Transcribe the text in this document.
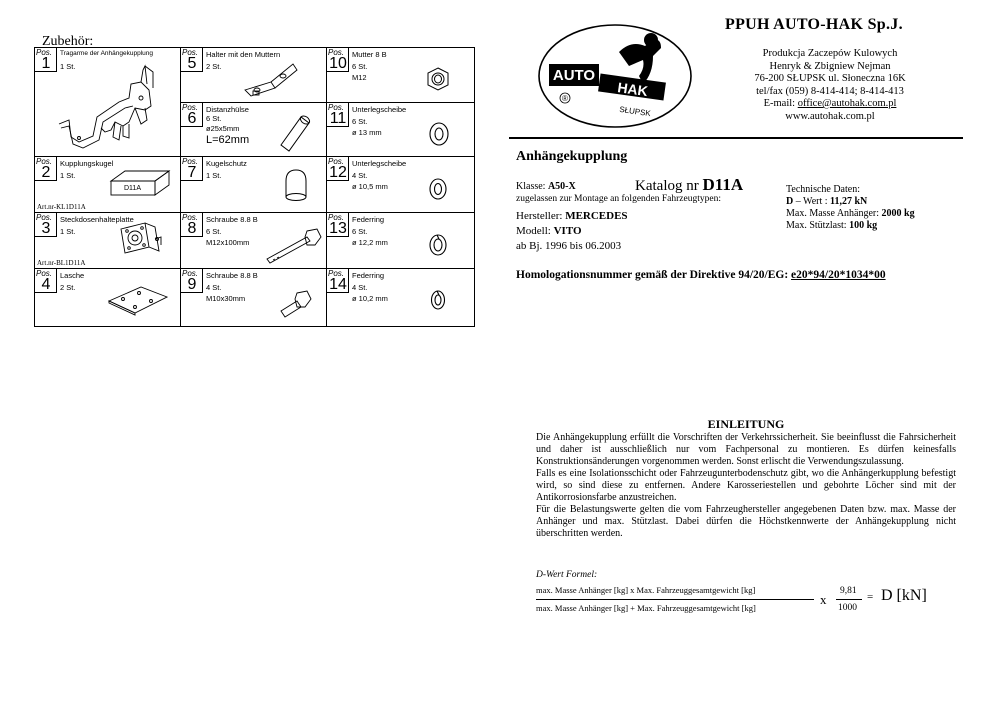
Zubehör:
Pos.
1
Tragarme der Anhängekupplung
1 St.
Pos.
5
Halter mit den Muttern
2 St.
Pos.
10
Mutter 8 B
6 St.
M12
Pos.
6
Distanzhülse
6 St.
ø25x5mm
L=62mm
Pos.
11
Unterlegscheibe
6 St.
ø 13 mm
Pos.
2
Kupplungskugel
1 St.
Art.nr-KL1D11A
D11A
Pos.
7
Kugelschutz
1 St.
Pos.
12
Unterlegscheibe
4 St.
ø 10,5 mm
Pos.
3
Steckdosenhalteplatte
1 St.
Art.nr-BL1D11A
Pos.
8
Schraube 8.8 B
6 St.
M12x100mm
Pos.
13
Federring
6 St.
ø 12,2 mm
Pos.
4
Lasche
2 St.
Pos.
9
Schraube 8.8 B
4 St.
M10x30mm
Pos.
14
Federring
4 St.
ø 10,2 mm
AUTO
HAK
SŁUPSK
®
PPUH AUTO-HAK Sp.J.
Produkcja Zaczepów Kulowych
Henryk & Zbigniew Nejman
76-200 SŁUPSK ul. Słoneczna 16K
tel/fax (059) 8-414-414; 8-414-413
E-mail: office@autohak.com.pl
www.autohak.com.pl
Anhängekupplung
Klasse: A50-X	Katalog nr D11A
zugelassen zur Montage an folgenden Fahrzeugtypen:
Hersteller: MERCEDES
Modell: VITO
ab Bj. 1996 bis 06.2003
Technische Daten:
D – Wert : 11,27 kN
Max. Masse Anhänger: 2000 kg
Max. Stützlast: 100 kg
Homologationsnummer gemäß der Direktive 94/20/EG: e20*94/20*1034*00
EINLEITUNG

Die Anhängekupplung erfüllt die Vorschriften der Verkehrssicherheit. Sie beeinflusst die Fahrsicherheit und daher ist ausschließlich nur vom Fachpersonal zu montieren. Es dürfen keinesfalls Konstruktionsänderungen vorgenommen werden. Sonst erlischt die Verwendungszulassung.

Falls es eine Isolationsschicht oder Fahrzeugunterbodenschutz gibt, wo die Anhängerkupplung befestigt wird, so sind diese zu entfernen. Andere Karosseriestellen und gebohrte Löcher sind mit der Antikorrosionsfarbe anzustreichen.

Für die Belastungswerte gelten die vom Fahrzeughersteller angegebenen Daten bzw. max. Masse der Anhänger und max. Stützlast. Dabei dürfen die Höchstkennwerte der Anhängekupplung nicht überschritten werden.

D-Wert Formel:
max. Masse Anhänger [kg] x Max. Fahrzeuggesamtgewicht [kg]
max. Masse Anhänger [kg] + Max. Fahrzeuggesamtgewicht [kg]
x
9,81
1000
= D [kN]
